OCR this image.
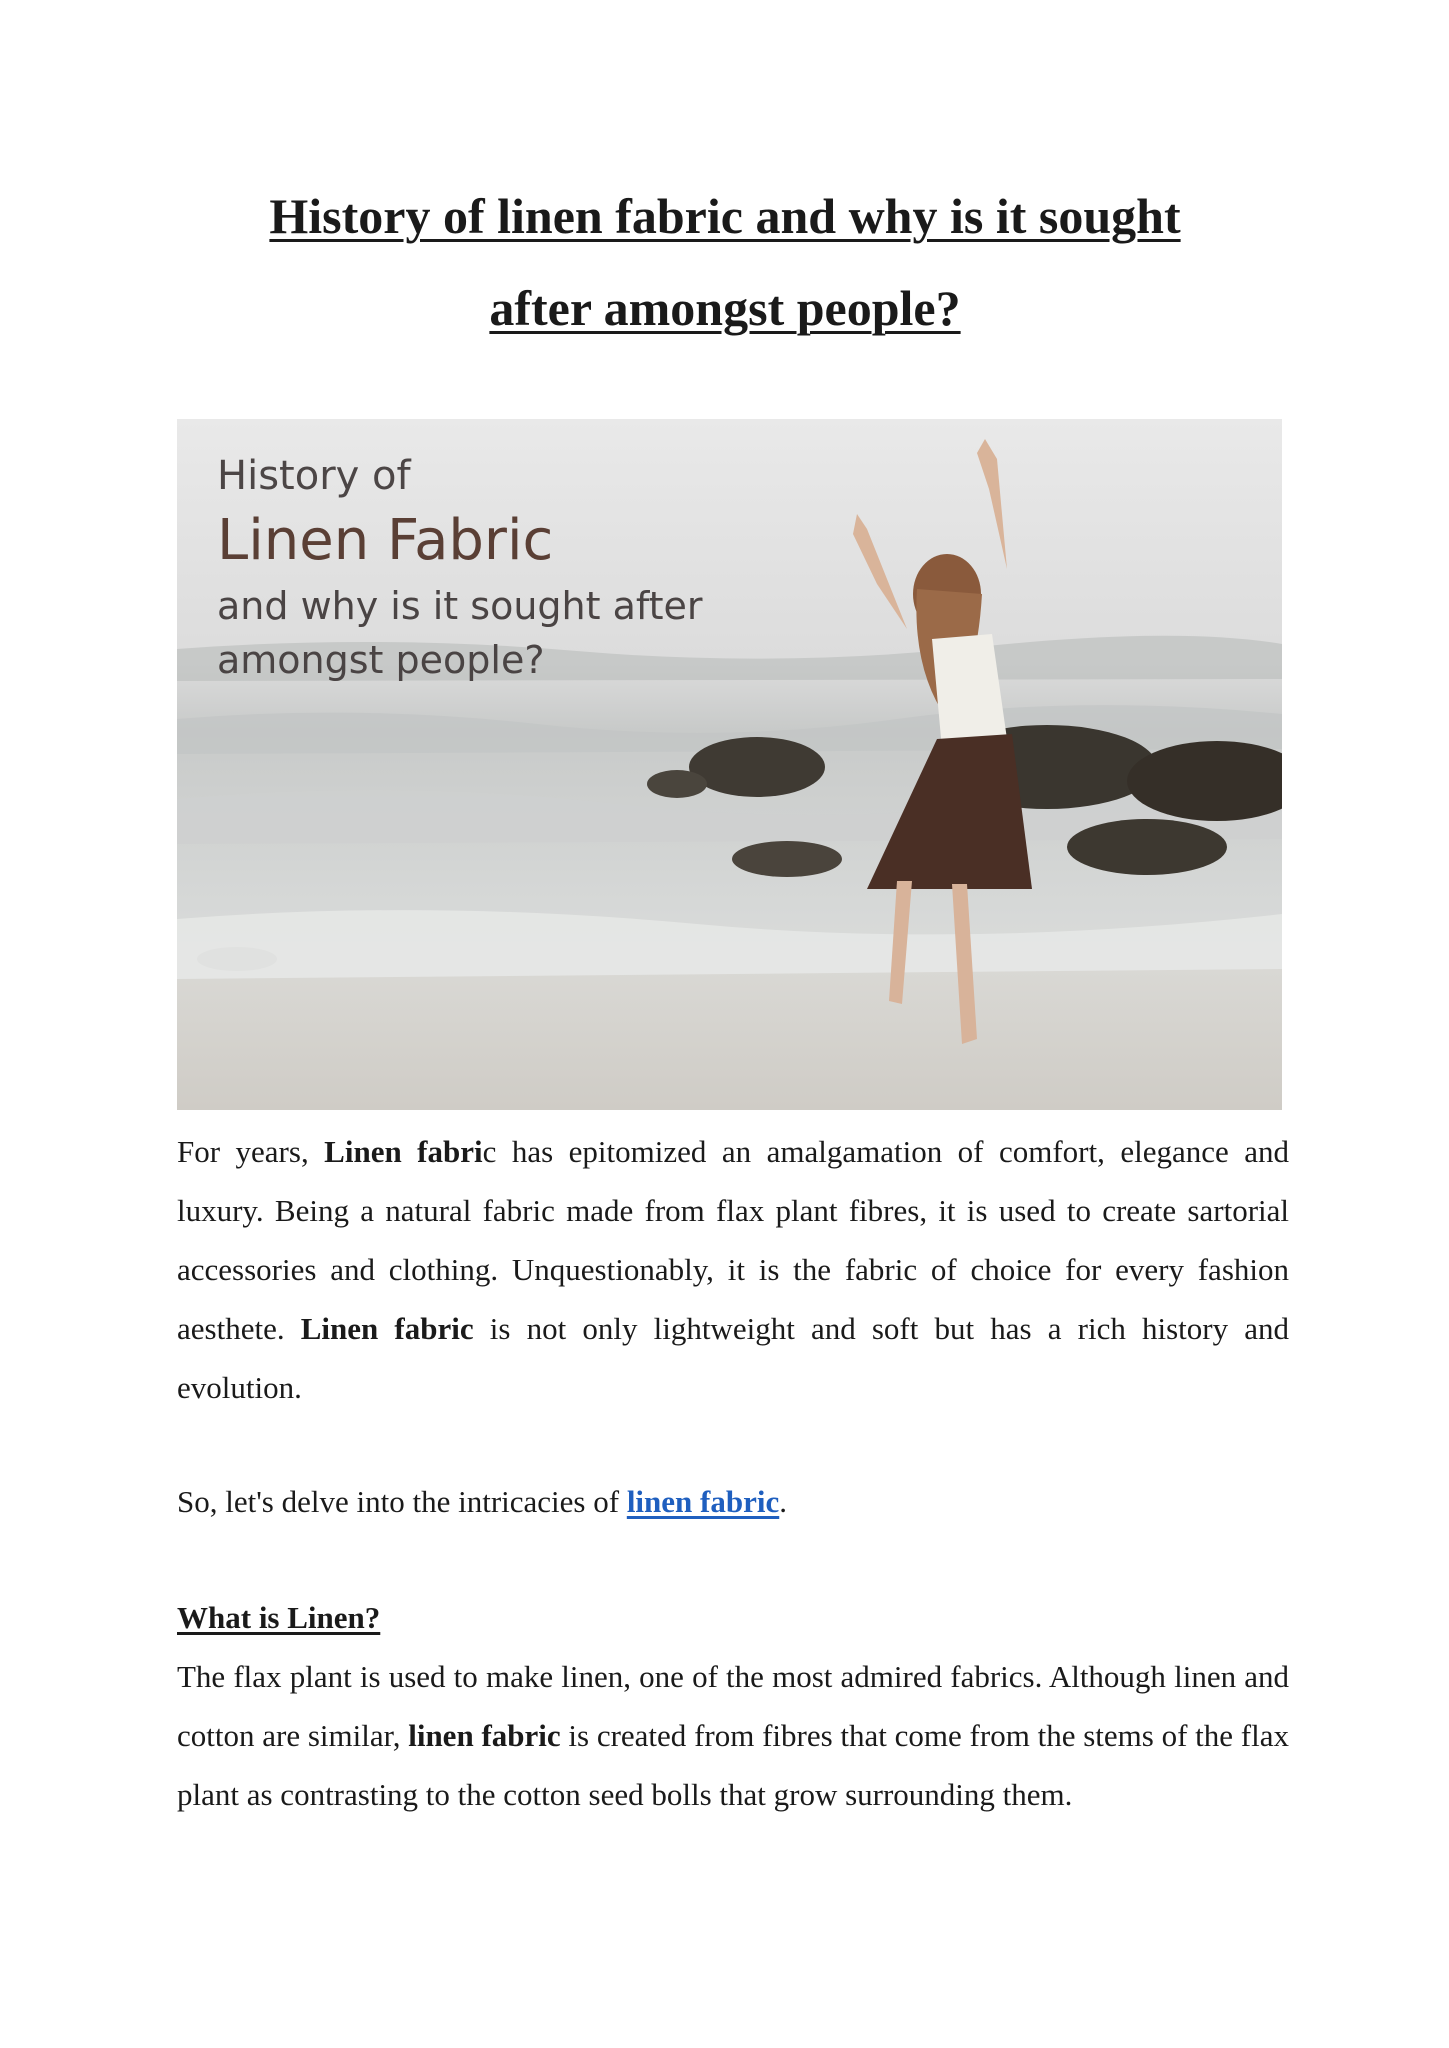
History of linen fabric and why is it sought
after amongst people?
History of
Linen Fabric
and why is it sought after
amongst people?

For years, Linen fabric has epitomized an amalgamation of comfort, elegance and luxury. Being a natural fabric made from flax plant fibres, it is used to create sartorial accessories and clothing. Unquestionably, it is the fabric of choice for every fashion aesthete. Linen fabric is not only lightweight and soft but has a rich history and evolution.

So, let's delve into the intricacies of linen fabric.

What is Linen?

The flax plant is used to make linen, one of the most admired fabrics. Although linen and cotton are similar, linen fabric is created from fibres that come from the stems of the flax plant as contrasting to the cotton seed bolls that grow surrounding them.
